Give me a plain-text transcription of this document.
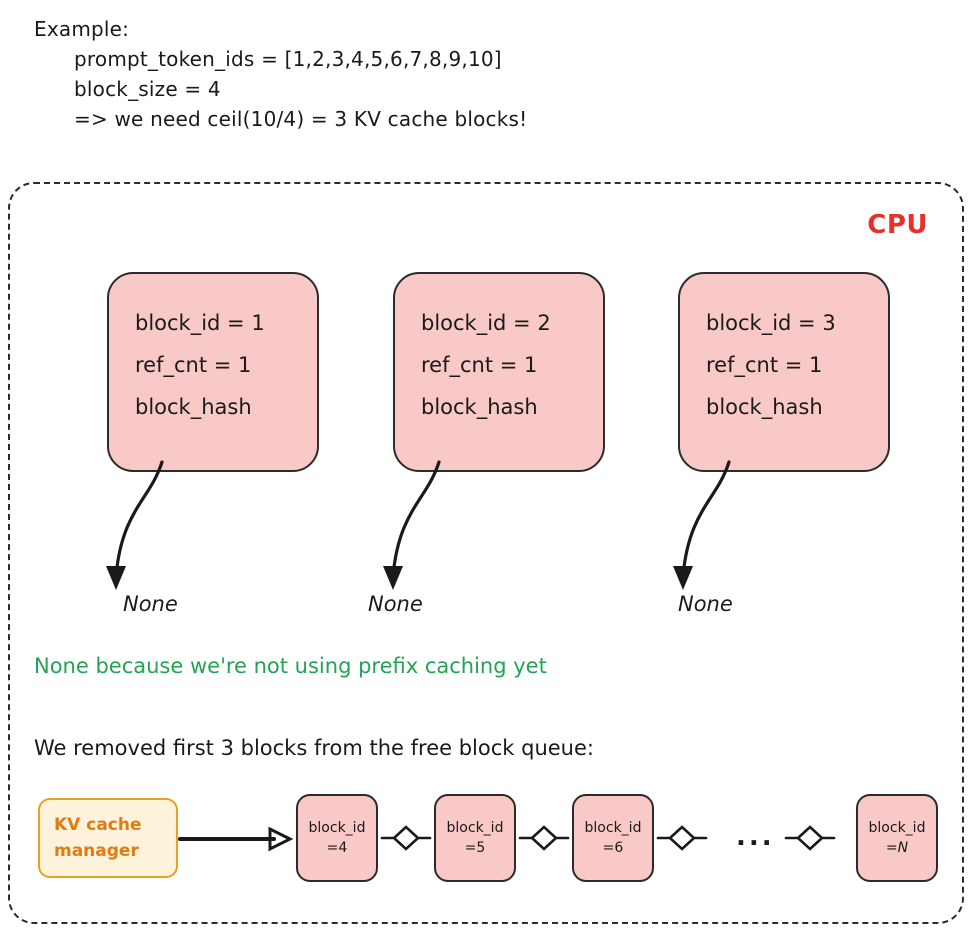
Example:
prompt_token_ids = [1,2,3,4,5,6,7,8,9,10]
block_size = 4
=> we need ceil(10/4) = 3 KV cache blocks!
CPU
block_id = 1
ref_cnt = 1
block_hash
block_id = 2
ref_cnt = 1
block_hash
block_id = 3
ref_cnt = 1
block_hash
None	None	None
None because we're not using prefix caching yet
We removed first 3 blocks from the free block queue:
KV cache
manager
block_id
=4
block_id
=5
block_id
=6
block_id
=N
...
